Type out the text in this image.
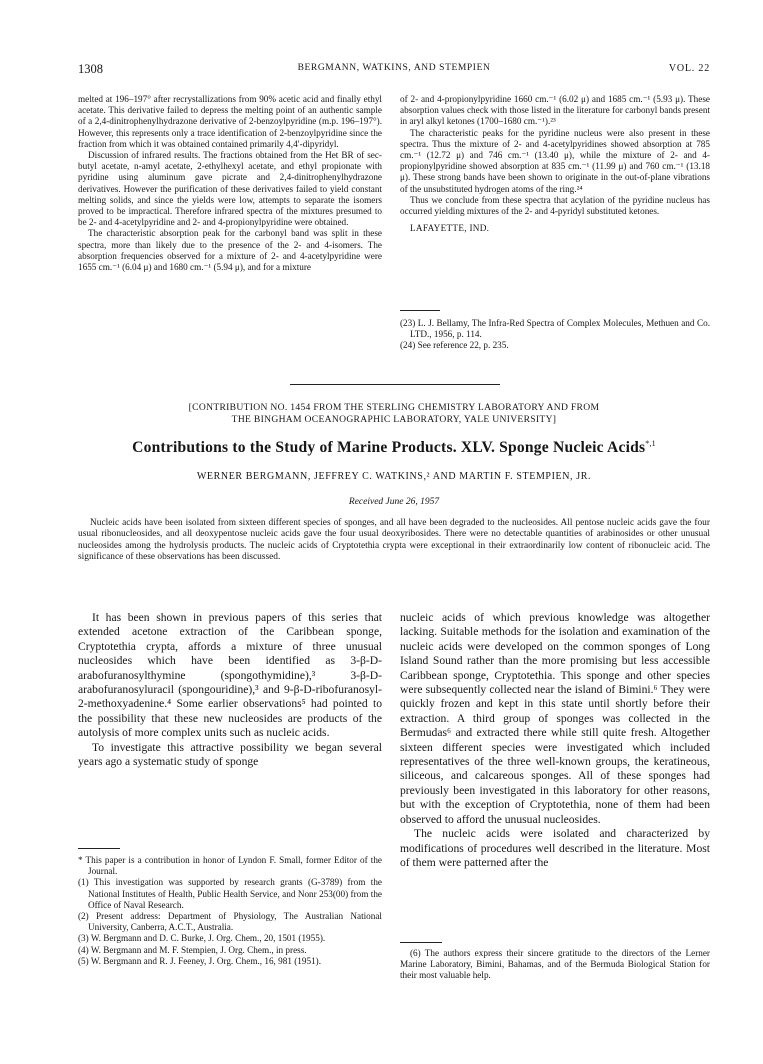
1308	BERGMANN, WATKINS, AND STEMPIEN	VOL. 22

melted at 196–197° after recrystallizations from 90% acetic acid and finally ethyl acetate. This derivative failed to depress the melting point of an authentic sample of a 2,4-dinitrophenylhydrazone derivative of 2-benzoylpyridine (m.p. 196–197°). However, this represents only a trace identification of 2-benzoylpyridine since the fraction from which it was obtained contained primarily 4,4′-dipyridyl.

Discussion of infrared results. The fractions obtained from the Het BR of sec-butyl acetate, n-amyl acetate, 2-ethylhexyl acetate, and ethyl propionate with pyridine using aluminum gave picrate and 2,4-dinitrophenylhydrazone derivatives. However the purification of these derivatives failed to yield constant melting solids, and since the yields were low, attempts to separate the isomers proved to be impractical. Therefore infrared spectra of the mixtures presumed to be 2- and 4-acetylpyridine and 2- and 4-propionylpyridine were obtained.

The characteristic absorption peak for the carbonyl band was split in these spectra, more than likely due to the presence of the 2- and 4-isomers. The absorption frequencies observed for a mixture of 2- and 4-acetylpyridine were 1655 cm.⁻¹ (6.04 μ) and 1680 cm.⁻¹ (5.94 μ), and for a mixture

of 2- and 4-propionylpyridine 1660 cm.⁻¹ (6.02 μ) and 1685 cm.⁻¹ (5.93 μ). These absorption values check with those listed in the literature for carbonyl bands present in aryl alkyl ketones (1700–1680 cm.⁻¹).²³

The characteristic peaks for the pyridine nucleus were also present in these spectra. Thus the mixture of 2- and 4-acetylpyridines showed absorption at 785 cm.⁻¹ (12.72 μ) and 746 cm.⁻¹ (13.40 μ), while the mixture of 2- and 4-propionylpyridine showed absorption at 835 cm.⁻¹ (11.99 μ) and 760 cm.⁻¹ (13.18 μ). These strong bands have been shown to originate in the out-of-plane vibrations of the unsubstituted hydrogen atoms of the ring.²⁴

Thus we conclude from these spectra that acylation of the pyridine nucleus has occurred yielding mixtures of the 2- and 4-pyridyl substituted ketones.

LAFAYETTE, IND.

(23) L. J. Bellamy, The Infra-Red Spectra of Complex Molecules, Methuen and Co. LTD., 1956, p. 114.

(24) See reference 22, p. 235.

[CONTRIBUTION NO. 1454 FROM THE STERLING CHEMISTRY LABORATORY AND FROM
THE BINGHAM OCEANOGRAPHIC LABORATORY, YALE UNIVERSITY]
Contributions to the Study of Marine Products. XLV. Sponge Nucleic Acids$^{*,1}$
WERNER BERGMANN, JEFFREY C. WATKINS,² AND MARTIN F. STEMPIEN, JR.
Received June 26, 1957

Nucleic acids have been isolated from sixteen different species of sponges, and all have been degraded to the nucleosides. All pentose nucleic acids gave the four usual ribonucleosides, and all deoxypentose nucleic acids gave the four usual deoxyribosides. There were no detectable quantities of arabinosides or other unusual nucleosides among the hydrolysis products. The nucleic acids of Cryptotethia crypta were exceptional in their extraordinarily low content of ribonucleic acid. The significance of these observations has been discussed.

It has been shown in previous papers of this series that extended acetone extraction of the Caribbean sponge, Cryptotethia crypta, affords a mixture of three unusual nucleosides which have been identified as 3-β-D-arabofuranosylthymine (spongothymidine),³ 3-β-D-arabofuranosyluracil (spongouridine),³ and 9-β-D-ribofuranosyl-2-methoxyadenine.⁴ Some earlier observations⁵ had pointed to the possibility that these new nucleosides are products of the autolysis of more complex units such as nucleic acids.

To investigate this attractive possibility we began several years ago a systematic study of sponge

nucleic acids of which previous knowledge was altogether lacking. Suitable methods for the isolation and examination of the nucleic acids were developed on the common sponges of Long Island Sound rather than the more promising but less accessible Caribbean sponge, Cryptotethia. This sponge and other species were subsequently collected near the island of Bimini.⁶ They were quickly frozen and kept in this state until shortly before their extraction. A third group of sponges was collected in the Bermudas⁶ and extracted there while still quite fresh. Altogether sixteen different species were investigated which included representatives of the three well-known groups, the keratineous, siliceous, and calcareous sponges. All of these sponges had previously been investigated in this laboratory for other reasons, but with the exception of Cryptotethia, none of them had been observed to afford the unusual nucleosides.

The nucleic acids were isolated and characterized by modifications of procedures well described in the literature. Most of them were patterned after the

* This paper is a contribution in honor of Lyndon F. Small, former Editor of the Journal.

(1) This investigation was supported by research grants (G-3789) from the National Institutes of Health, Public Health Service, and Nonr 253(00) from the Office of Naval Research.

(2) Present address: Department of Physiology, The Australian National University, Canberra, A.C.T., Australia.

(3) W. Bergmann and D. C. Burke, J. Org. Chem., 20, 1501 (1955).

(4) W. Bergmann and M. F. Stempien, J. Org. Chem., in press.

(5) W. Bergmann and R. J. Feeney, J. Org. Chem., 16, 981 (1951).

(6) The authors express their sincere gratitude to the directors of the Lerner Marine Laboratory, Bimini, Bahamas, and of the Bermuda Biological Station for their most valuable help.
